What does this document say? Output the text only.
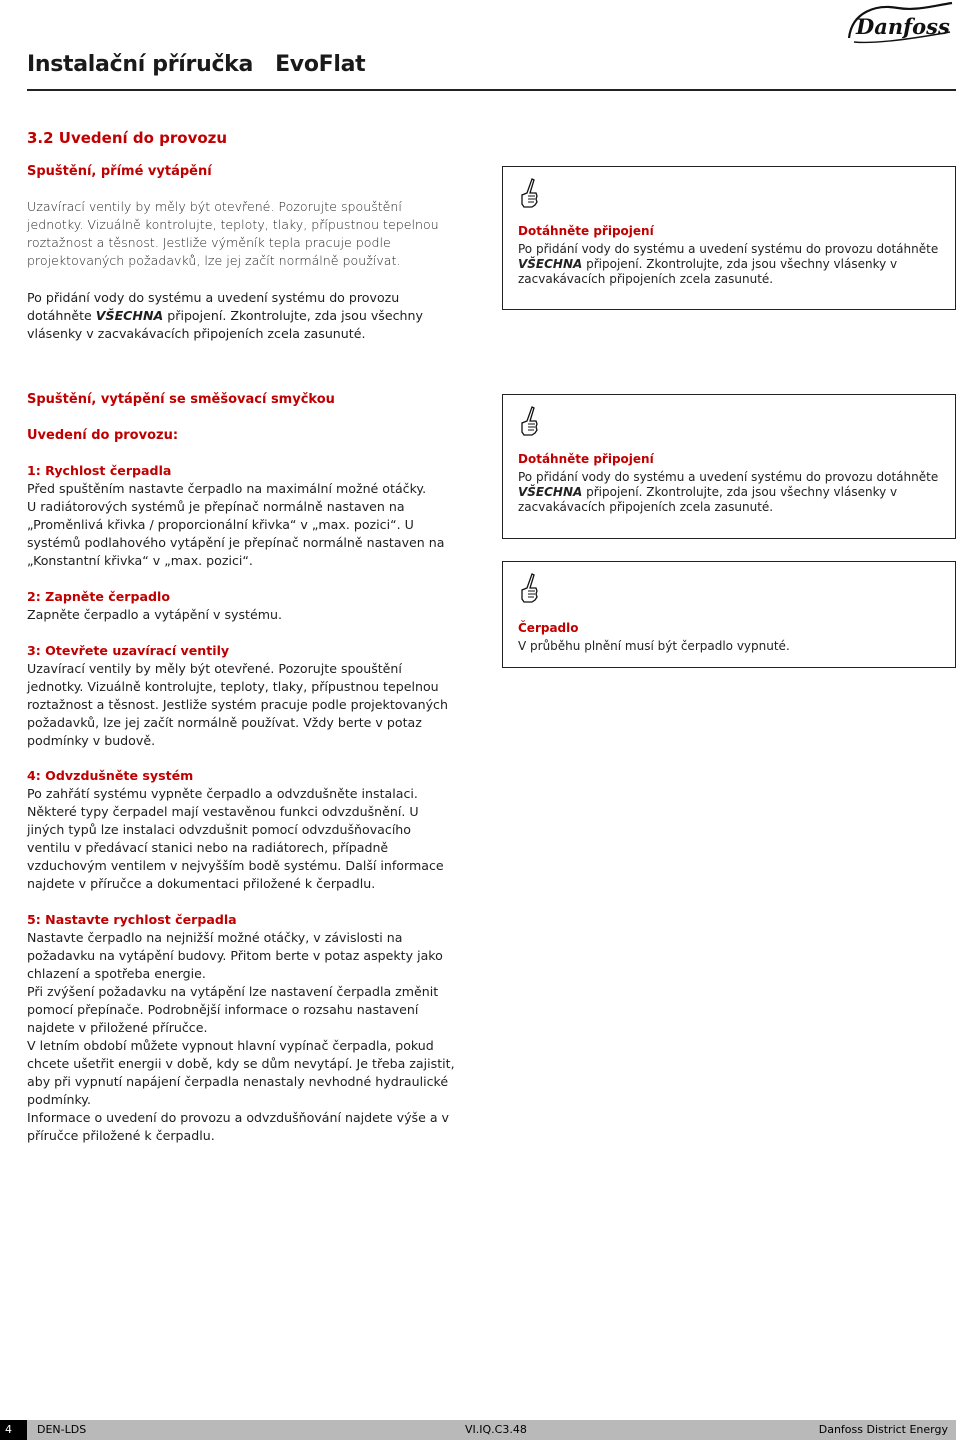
Instalační příručka EvoFlat
Danfoss
3.2 Uvedení do provozu
Spuštění, přímé vytápění
Uzavírací ventily by měly být otevřené. Pozorujte spouštění
jednotky. Vizuálně kontrolujte, teploty, tlaky, přípustnou tepelnou
roztažnost a těsnost. Jestliže výměník tepla pracuje podle
projektovaných požadavků, lze jej začít normálně používat.
Po přidání vody do systému a uvedení systému do provozu
dotáhněte VŠECHNA připojení. Zkontrolujte, zda jsou všechny
vlásenky v zacvakávacích připojeních zcela zasunuté.
Dotáhněte připojení
Po přidání vody do systému a uvedení systému do provozu dotáhněte
VŠECHNA připojení. Zkontrolujte, zda jsou všechny vlásenky v
zacvakávacích připojeních zcela zasunuté.
Spuštění, vytápění se směšovací smyčkou
Uvedení do provozu:
1: Rychlost čerpadla
Před spuštěním nastavte čerpadlo na maximální možné otáčky.
U radiátorových systémů je přepínač normálně nastaven na
„Proměnlivá křivka / proporcionální křivka“ v „max. pozici“. U
systémů podlahového vytápění je přepínač normálně nastaven na
„Konstantní křivka“ v „max. pozici“.
2: Zapněte čerpadlo
Zapněte čerpadlo a vytápění v systému.
3: Otevřete uzavírací ventily
Uzavírací ventily by měly být otevřené. Pozorujte spouštění
jednotky. Vizuálně kontrolujte, teploty, tlaky, přípustnou tepelnou
roztažnost a těsnost. Jestliže systém pracuje podle projektovaných
požadavků, lze jej začít normálně používat. Vždy berte v potaz
podmínky v budově.
4: Odvzdušněte systém
Po zahřátí systému vypněte čerpadlo a odvzdušněte instalaci.
Některé typy čerpadel mají vestavěnou funkci odvzdušnění. U
jiných typů lze instalaci odvzdušnit pomocí odvzdušňovacího
ventilu v předávací stanici nebo na radiátorech, případně
vzduchovým ventilem v nejvyšším bodě systému. Další informace
najdete v příručce a dokumentaci přiložené k čerpadlu.
5: Nastavte rychlost čerpadla
Nastavte čerpadlo na nejnižší možné otáčky, v závislosti na
požadavku na vytápění budovy. Přitom berte v potaz aspekty jako
chlazení a spotřeba energie.
Při zvýšení požadavku na vytápění lze nastavení čerpadla změnit
pomocí přepínače. Podrobnější informace o rozsahu nastavení
najdete v přiložené příručce.
V letním období můžete vypnout hlavní vypínač čerpadla, pokud
chcete ušetřit energii v době, kdy se dům nevytápí. Je třeba zajistit,
aby při vypnutí napájení čerpadla nenastaly nevhodné hydraulické
podmínky.
Informace o uvedení do provozu a odvzdušňování najdete výše a v
příručce přiložené k čerpadlu.
Dotáhněte připojení
Po přidání vody do systému a uvedení systému do provozu dotáhněte
VŠECHNA připojení. Zkontrolujte, zda jsou všechny vlásenky v
zacvakávacích připojeních zcela zasunuté.
Čerpadlo
V průběhu plnění musí být čerpadlo vypnuté.
4	DEN-LDS	VI.IQ.C3.48	Danfoss District Energy
